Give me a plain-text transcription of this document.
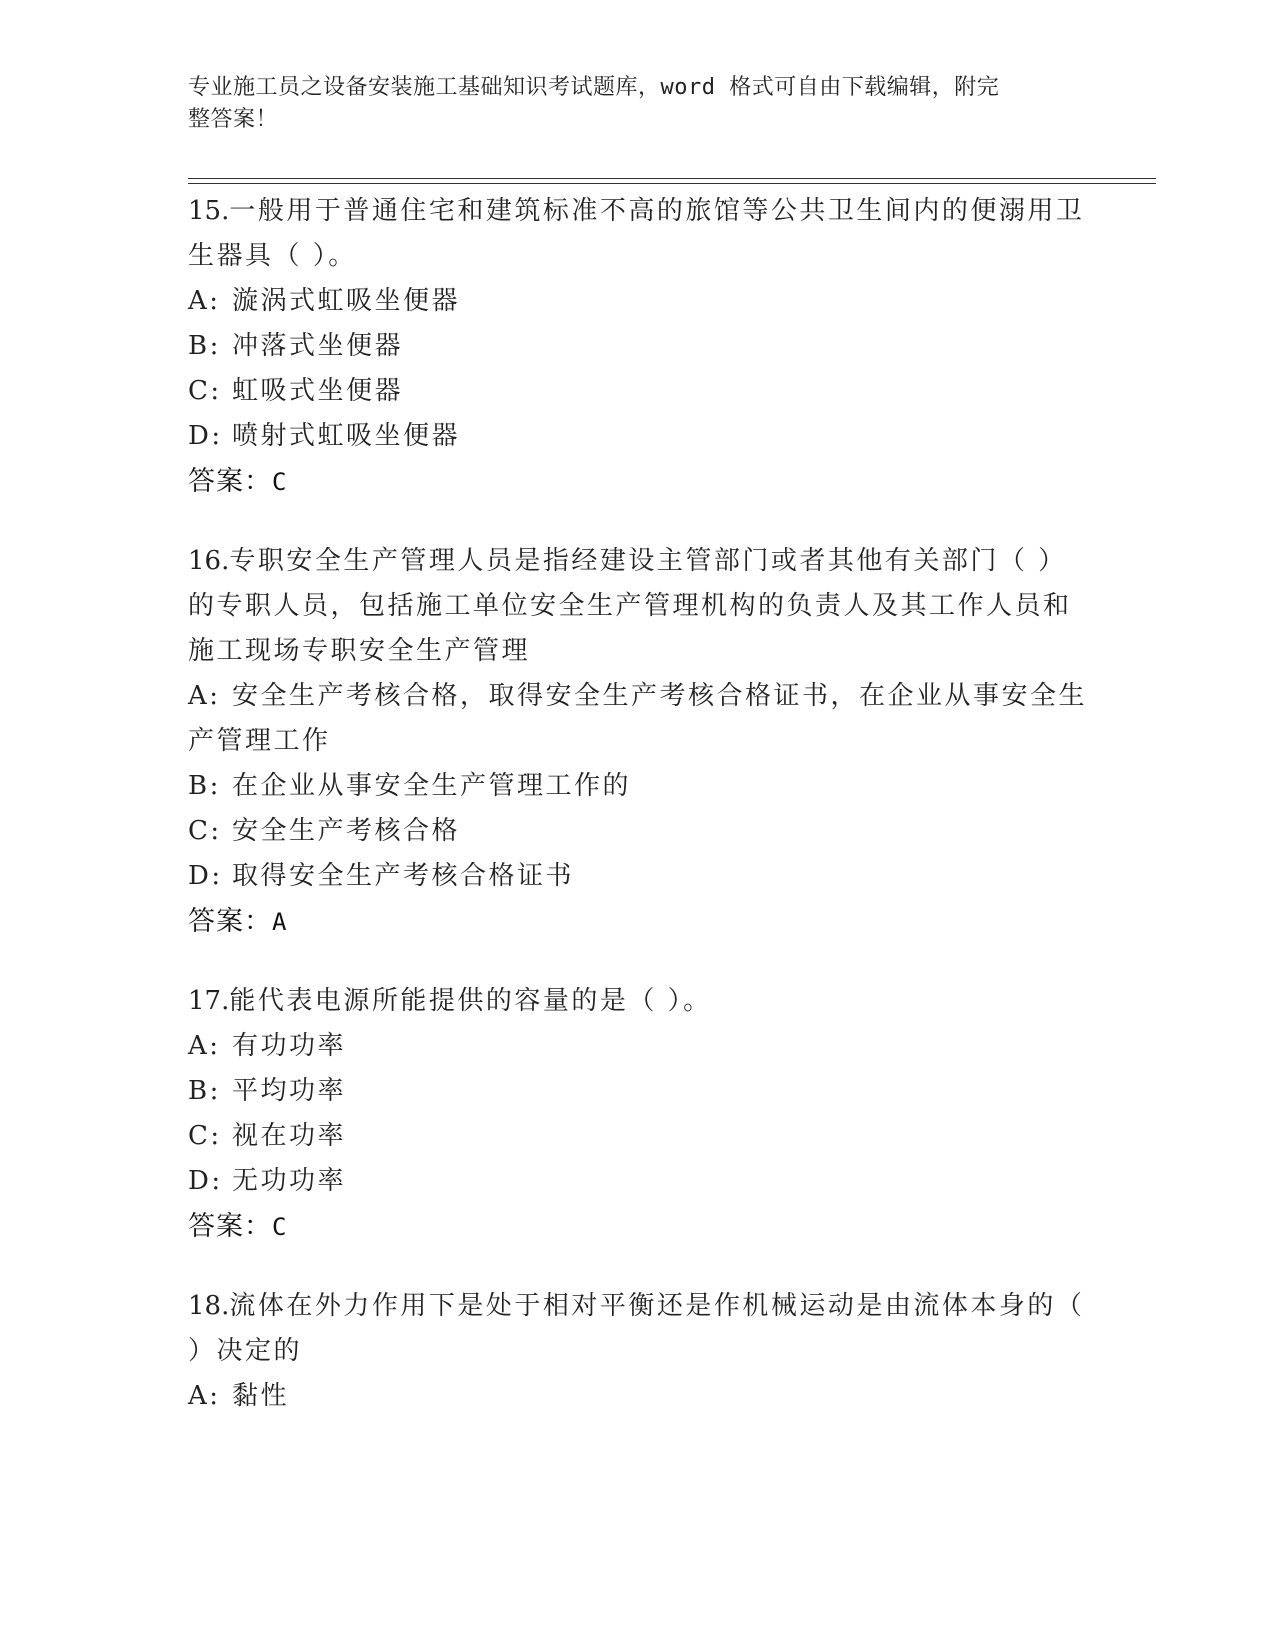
专业施工员之设备安装施工基础知识考试题库，word 格式可自由下载编辑，附完
整答案！
15.一般用于普通住宅和建筑标准不高的旅馆等公共卫生间内的便溺用卫生器具（ ）。
A: 漩涡式虹吸坐便器
B: 冲落式坐便器
C: 虹吸式坐便器
D: 喷射式虹吸坐便器
答案：C
16.专职安全生产管理人员是指经建设主管部门或者其他有关部门（ ）的专职人员，包括施工单位安全生产管理机构的负责人及其工作人员和施工现场专职安全生产管理
A: 安全生产考核合格，取得安全生产考核合格证书，在企业从事安全生产管理工作
B: 在企业从事安全生产管理工作的
C: 安全生产考核合格
D: 取得安全生产考核合格证书
答案：A
17.能代表电源所能提供的容量的是（ ）。
A: 有功功率
B: 平均功率
C: 视在功率
D: 无功功率
答案：C
18.流体在外力作用下是处于相对平衡还是作机械运动是由流体本身的（ ）决定的
A: 黏性
